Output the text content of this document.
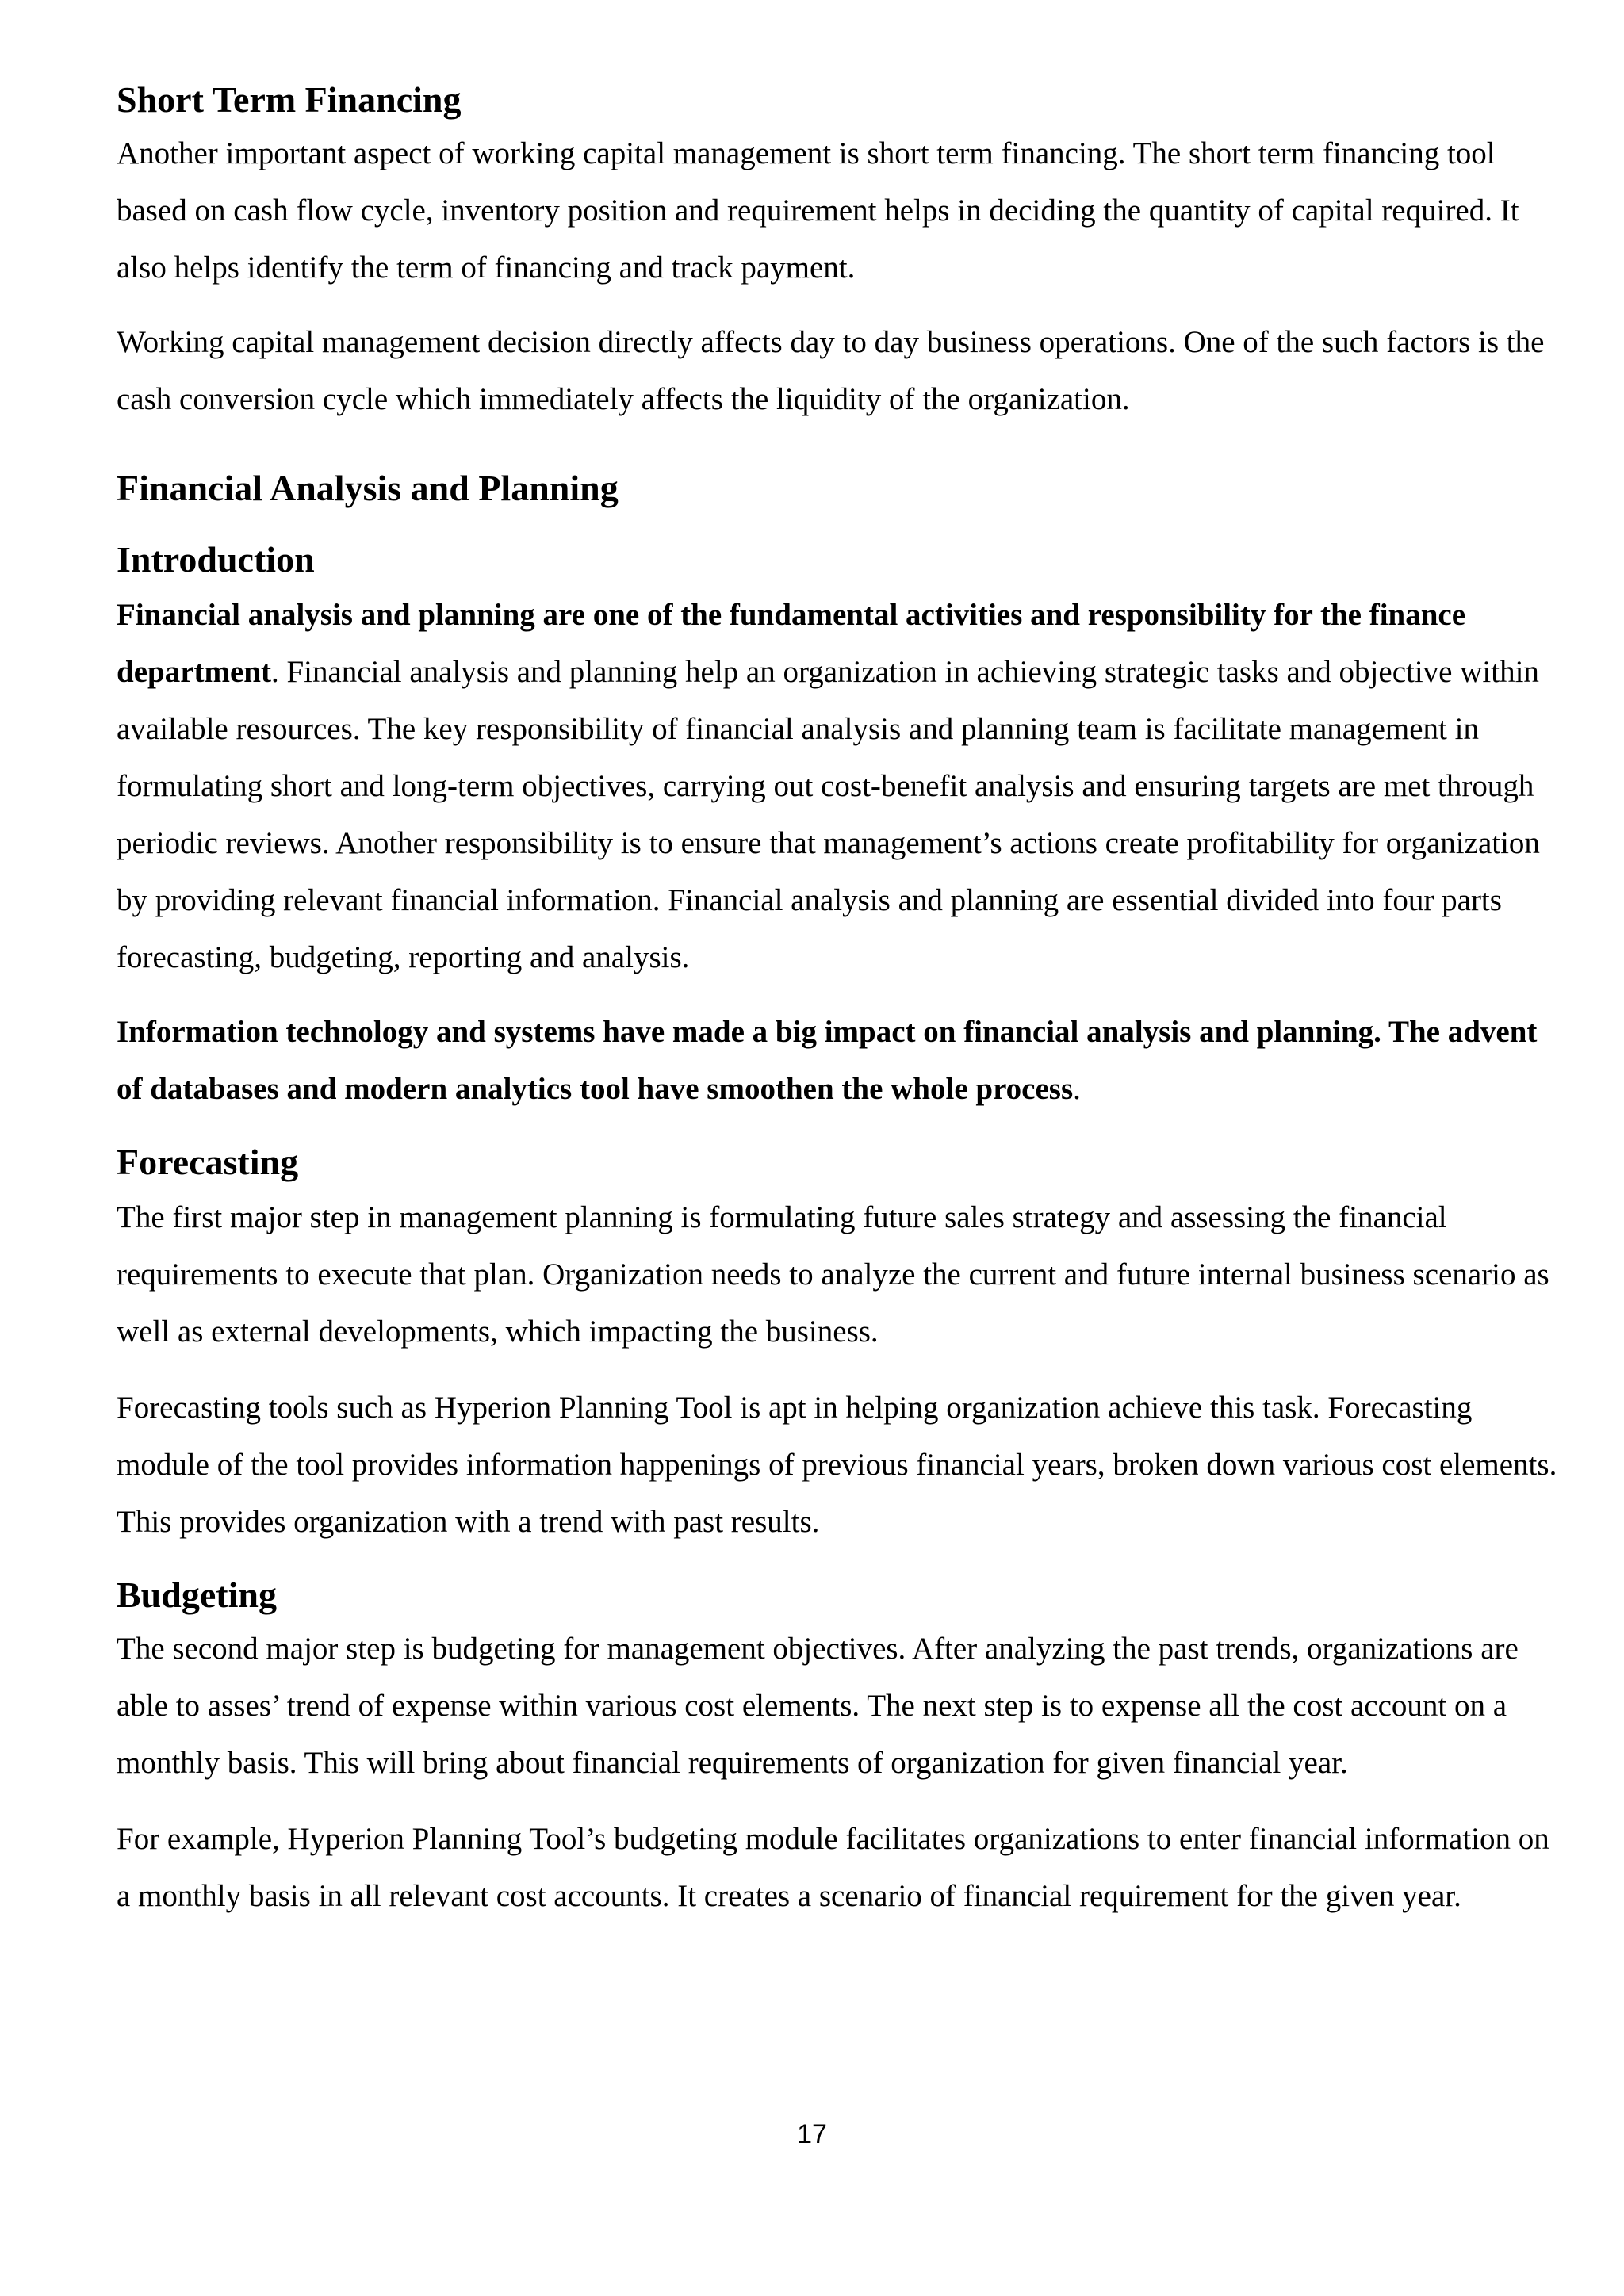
Short Term Financing

Another important aspect of working capital management is short term financing. The short term financing tool based on cash flow cycle, inventory position and requirement helps in deciding the quantity of capital required. It also helps identify the term of financing and track payment.

Working capital management decision directly affects day to day business operations. One of the such factors is the cash conversion cycle which immediately affects the liquidity of the organization.

Financial Analysis and Planning
Introduction

Financial analysis and planning are one of the fundamental activities and responsibility for the finance department. Financial analysis and planning help an organization in achieving strategic tasks and objective within available resources. The key responsibility of financial analysis and planning team is facilitate management in formulating short and long-term objectives, carrying out cost-benefit analysis and ensuring targets are met through periodic reviews. Another responsibility is to ensure that management’s actions create profitability for organization by providing relevant financial information. Financial analysis and planning are essential divided into four parts forecasting, budgeting, reporting and analysis.

Information technology and systems have made a big impact on financial analysis and planning. The advent of databases and modern analytics tool have smoothen the whole process.

Forecasting

The first major step in management planning is formulating future sales strategy and assessing the financial requirements to execute that plan. Organization needs to analyze the current and future internal business scenario as well as external developments, which impacting the business.

Forecasting tools such as Hyperion Planning Tool is apt in helping organization achieve this task. Forecasting module of the tool provides information happenings of previous financial years, broken down various cost elements. This provides organization with a trend with past results.

Budgeting

The second major step is budgeting for management objectives. After analyzing the past trends, organizations are able to asses’ trend of expense within various cost elements. The next step is to expense all the cost account on a monthly basis. This will bring about financial requirements of organization for given financial year.

For example, Hyperion Planning Tool’s budgeting module facilitates organizations to enter financial information on a monthly basis in all relevant cost accounts. It creates a scenario of financial requirement for the given year.

17
